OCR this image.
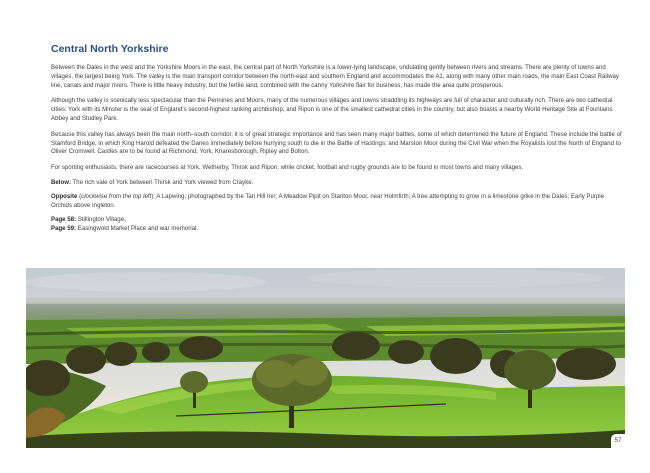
Central North Yorkshire

Between the Dales in the west and the Yorkshire Moors in the east, the central part of North Yorkshire is a lower-lying landscape, undulating gently between rivers and streams. There are plenty of towns and villages, the largest being York. The valley is the main transport corridor between the north-east and southern England and accommodates the A1, along with many other main roads, the main East Coast Railway line, canals and major rivers. There is little heavy industry, but the fertile land, combined with the canny Yorkshire flair for business, has made the area quite prosperous.

Although the valley is scenically less spectacular than the Pennines and Moors, many of the numerous villages and towns straddling its highways are full of character and culturally rich. There are two cathedral cities: York with its Minster is the seat of England's second-highest ranking archbishop, and Ripon is one of the smallest cathedral cities in the country, but also boasts a nearby World Heritage Site at Fountains Abbey and Studley Park.

Because this valley has always been the main north–south corridor, it is of great strategic importance and has seen many major battles, some of which determined the future of England. These include the battle of Stamford Bridge, in which King Harold defeated the Danes immediately before hurrying south to die in the Battle of Hastings; and Marston Moor during the Civil War when the Royalists lost the North of England to Oliver Cromwell. Castles are to be found at Richmond, York, Knaresborough, Ripley and Bolton.

For sporting enthusiasts, there are racecourses at York, Wetherby, Thirsk and Ripon, while cricket, football and rugby grounds are to be found in most towns and many villages.

Below: The rich vale of York between Thirsk and York viewed from Crayke.

Opposite (clockwise from the top left): A Lapwing, photographed by the Tan Hill Inn; A Meadow Pipit on Stanton Moor, near Holmfirth; A tree attempting to grow in a limestone grike in the Dales; Early Purple Orchids above Ingleton.

Page 58: Stillington Village.

Page 59: Easingwold Market Place and war memorial.

57
